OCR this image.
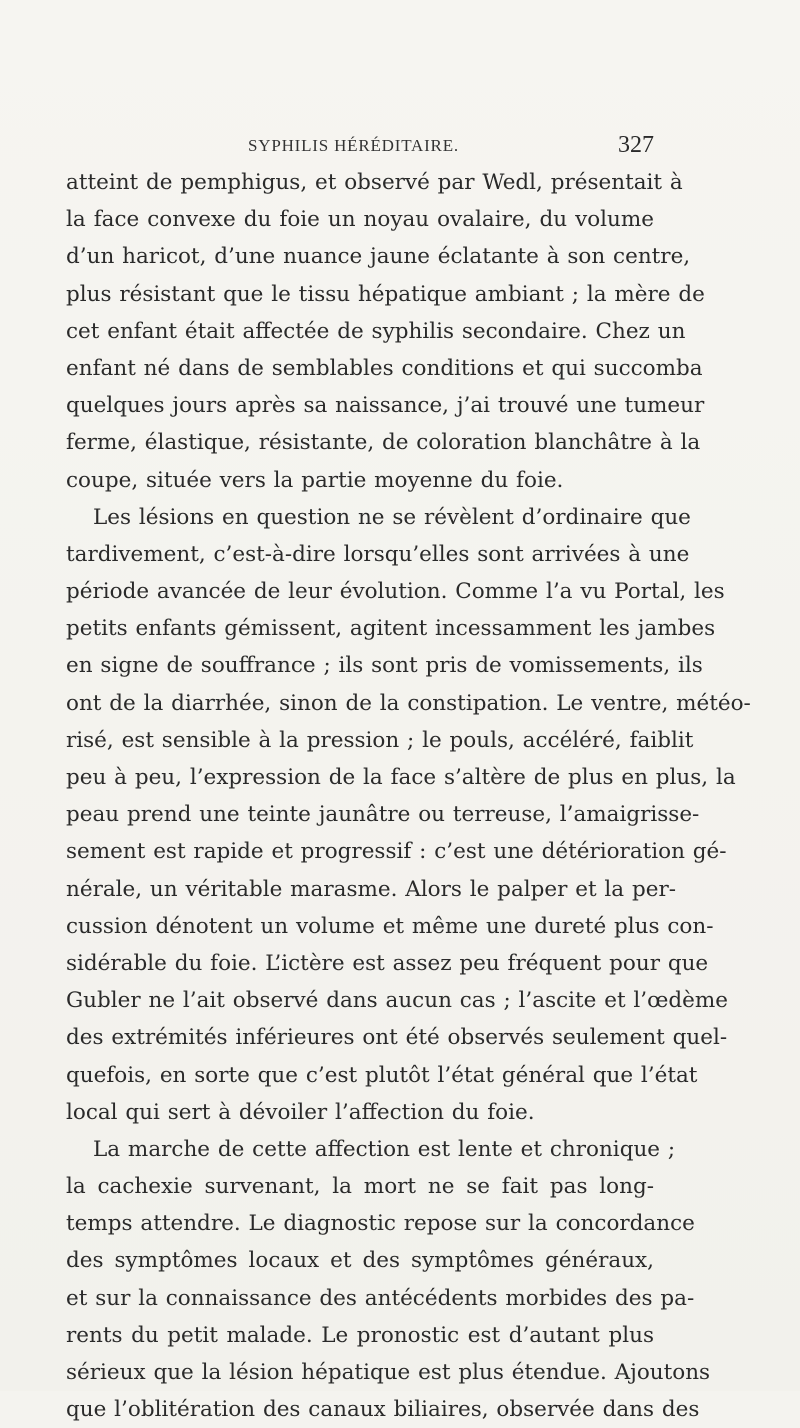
SYPHILIS HÉRÉDITAIRE.	327
atteint de pemphigus, et observé par Wedl, présentait à
la face convexe du foie un noyau ovalaire, du volume
d’un haricot, d’une nuance jaune éclatante à son centre,
plus résistant que le tissu hépatique ambiant ; la mère de
cet enfant était affectée de syphilis secondaire. Chez un
enfant né dans de semblables conditions et qui succomba
quelques jours après sa naissance, j’ai trouvé une tumeur
ferme, élastique, résistante, de coloration blanchâtre à la
coupe, située vers la partie moyenne du foie.
Les lésions en question ne se révèlent d’ordinaire que
tardivement, c’est-à-dire lorsqu’elles sont arrivées à une
période avancée de leur évolution. Comme l’a vu Portal, les
petits enfants gémissent, agitent incessamment les jambes
en signe de souffrance ; ils sont pris de vomissements, ils
ont de la diarrhée, sinon de la constipation. Le ventre, météo-
risé, est sensible à la pression ; le pouls, accéléré, faiblit
peu à peu, l’expression de la face s’altère de plus en plus, la
peau prend une teinte jaunâtre ou terreuse, l’amaigrisse-
sement est rapide et progressif : c’est une détérioration gé-
nérale, un véritable marasme. Alors le palper et la per-
cussion dénotent un volume et même une dureté plus con-
sidérable du foie. L’ictère est assez peu fréquent pour que
Gubler ne l’ait observé dans aucun cas ; l’ascite et l’œdème
des extrémités inférieures ont été observés seulement quel-
quefois, en sorte que c’est plutôt l’état général que l’état
local qui sert à dévoiler l’affection du foie.
La marche de cette affection est lente et chronique ;
la cachexie survenant, la mort ne se fait pas long-
temps attendre. Le diagnostic repose sur la concordance
des symptômes locaux et des symptômes généraux,
et sur la connaissance des antécédents morbides des pa-
rents du petit malade. Le pronostic est d’autant plus
sérieux que la lésion hépatique est plus étendue. Ajoutons
que l’oblitération des canaux biliaires, observée dans des
